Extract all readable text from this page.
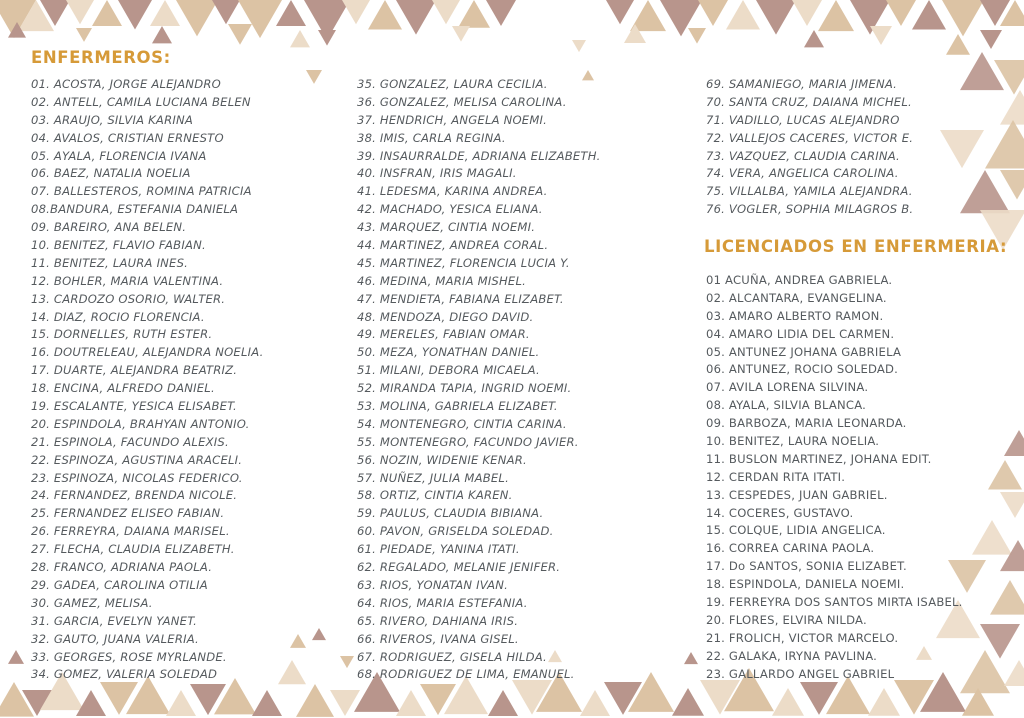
ENFERMEROS:
01. ACOSTA, JORGE ALEJANDRO
02. ANTELL, CAMILA LUCIANA BELEN
03. ARAUJO, SILVIA KARINA
04. AVALOS, CRISTIAN ERNESTO
05. AYALA, FLORENCIA IVANA
06. BAEZ, NATALIA NOELIA
07. BALLESTEROS, ROMINA PATRICIA
08.BANDURA, ESTEFANIA DANIELA
09. BAREIRO, ANA BELEN.
10. BENITEZ, FLAVIO FABIAN.
11. BENITEZ, LAURA INES.
12. BOHLER, MARIA VALENTINA.
13. CARDOZO OSORIO, WALTER.
14. DIAZ, ROCIO FLORENCIA.
15. DORNELLES, RUTH ESTER.
16. DOUTRELEAU, ALEJANDRA NOELIA.
17. DUARTE, ALEJANDRA BEATRIZ.
18. ENCINA, ALFREDO DANIEL.
19. ESCALANTE, YESICA ELISABET.
20. ESPINDOLA, BRAHYAN ANTONIO.
21. ESPINOLA, FACUNDO ALEXIS.
22. ESPINOZA, AGUSTINA ARACELI.
23. ESPINOZA, NICOLAS FEDERICO.
24. FERNANDEZ, BRENDA NICOLE.
25. FERNANDEZ ELISEO FABIAN.
26. FERREYRA, DAIANA MARISEL.
27. FLECHA, CLAUDIA ELIZABETH.
28. FRANCO, ADRIANA PAOLA.
29. GADEA, CAROLINA OTILIA
30. GAMEZ, MELISA.
31. GARCIA, EVELYN YANET.
32. GAUTO, JUANA VALERIA.
33. GEORGES, ROSE MYRLANDE.
34. GOMEZ, VALERIA SOLEDAD
35. GONZALEZ, LAURA CECILIA.
36. GONZALEZ, MELISA CAROLINA.
37. HENDRICH, ANGELA NOEMI.
38. IMIS, CARLA REGINA.
39. INSAURRALDE, ADRIANA ELIZABETH.
40. INSFRAN, IRIS MAGALI.
41. LEDESMA, KARINA ANDREA.
42. MACHADO, YESICA ELIANA.
43. MARQUEZ, CINTIA NOEMI.
44. MARTINEZ, ANDREA CORAL.
45. MARTINEZ, FLORENCIA LUCIA Y.
46. MEDINA, MARIA MISHEL.
47. MENDIETA, FABIANA ELIZABET.
48. MENDOZA, DIEGO DAVID.
49. MERELES, FABIAN OMAR.
50. MEZA, YONATHAN DANIEL.
51. MILANI, DEBORA MICAELA.
52. MIRANDA TAPIA, INGRID NOEMI.
53. MOLINA, GABRIELA ELIZABET.
54. MONTENEGRO, CINTIA CARINA.
55. MONTENEGRO, FACUNDO JAVIER.
56. NOZIN, WIDENIE KENAR.
57. NUÑEZ, JULIA MABEL.
58. ORTIZ, CINTIA KAREN.
59. PAULUS, CLAUDIA BIBIANA.
60. PAVON, GRISELDA SOLEDAD.
61. PIEDADE, YANINA ITATI.
62. REGALADO, MELANIE JENIFER.
63. RIOS, YONATAN IVAN.
64. RIOS, MARIA ESTEFANIA.
65. RIVERO, DAHIANA IRIS.
66. RIVEROS, IVANA GISEL.
67. RODRIGUEZ, GISELA HILDA.
68. RODRIGUEZ DE LIMA, EMANUEL.
69. SAMANIEGO, MARIA JIMENA.
70. SANTA CRUZ, DAIANA MICHEL.
71. VADILLO, LUCAS ALEJANDRO
72. VALLEJOS CACERES, VICTOR E.
73. VAZQUEZ, CLAUDIA CARINA.
74. VERA, ANGELICA CAROLINA.
75. VILLALBA, YAMILA ALEJANDRA.
76. VOGLER, SOPHIA MILAGROS B.
LICENCIADOS EN ENFERMERIA:
01 ACUÑA, ANDREA GABRIELA.
02. ALCANTARA, EVANGELINA.
03. AMARO ALBERTO RAMON.
04. AMARO LIDIA DEL CARMEN.
05. ANTUNEZ JOHANA GABRIELA
06. ANTUNEZ, ROCIO SOLEDAD.
07. AVILA LORENA SILVINA.
08. AYALA, SILVIA BLANCA.
09. BARBOZA, MARIA LEONARDA.
10. BENITEZ, LAURA NOELIA.
11. BUSLON MARTINEZ, JOHANA EDIT.
12. CERDAN RITA ITATI.
13. CESPEDES, JUAN GABRIEL.
14. COCERES, GUSTAVO.
15. COLQUE, LIDIA ANGELICA.
16. CORREA CARINA PAOLA.
17. Do SANTOS, SONIA ELIZABET.
18. ESPINDOLA, DANIELA NOEMI.
19. FERREYRA DOS SANTOS MIRTA ISABEL.
20. FLORES, ELVIRA NILDA.
21. FROLICH, VICTOR MARCELO.
22. GALAKA, IRYNA PAVLINA.
23. GALLARDO ANGEL GABRIEL
